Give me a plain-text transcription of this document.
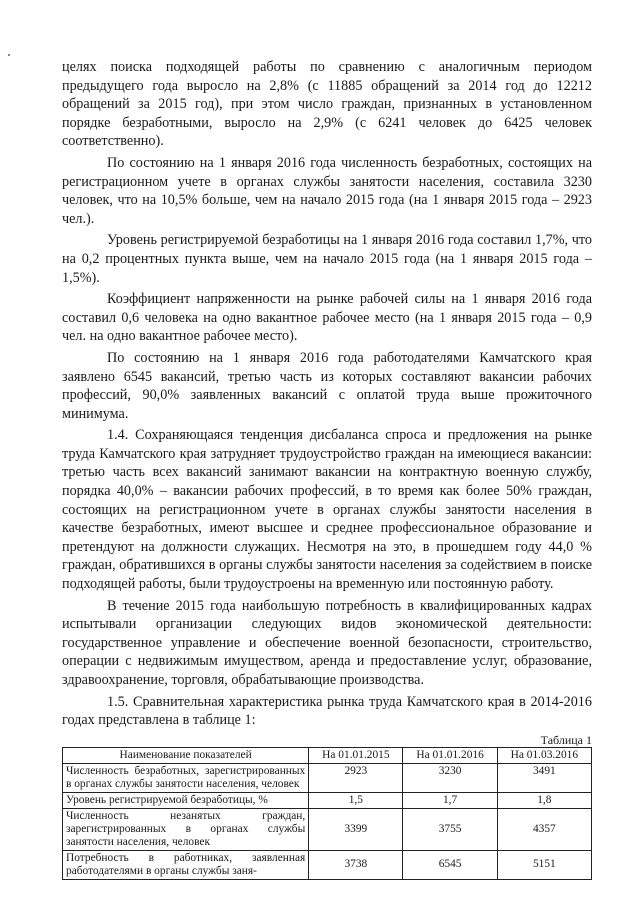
целях поиска подходящей работы по сравнению с аналогичным периодом предыдущего года выросло на 2,8% (с 11885 обращений за 2014 год до 12212 обращений за 2015 год), при этом число граждан, признанных в установленном порядке безработными, выросло на 2,9% (с 6241 человек до 6425 человек соответственно).

По состоянию на 1 января 2016 года численность безработных, состоящих на регистрационном учете в органах службы занятости населения, составила 3230 человек, что на 10,5% больше, чем на начало 2015 года (на 1 января 2015 года – 2923 чел.).

Уровень регистрируемой безработицы на 1 января 2016 года составил 1,7%, что на 0,2 процентных пункта выше, чем на начало 2015 года (на 1 января 2015 года – 1,5%).

Коэффициент напряженности на рынке рабочей силы на 1 января 2016 года составил 0,6 человека на одно вакантное рабочее место (на 1 января 2015 года – 0,9 чел. на одно вакантное рабочее место).

По состоянию на 1 января 2016 года работодателями Камчатского края заявлено 6545 вакансий, третью часть из которых составляют вакансии рабочих профессий, 90,0% заявленных вакансий с оплатой труда выше прожиточного минимума.

1.4. Сохраняющаяся тенденция дисбаланса спроса и предложения на рынке труда Камчатского края затрудняет трудоустройство граждан на имеющиеся вакансии: третью часть всех вакансий занимают вакансии на контрактную военную службу, порядка 40,0% – вакансии рабочих профессий, в то время как более 50% граждан, состоящих на регистрационном учете в органах службы занятости населения в качестве безработных, имеют высшее и среднее профессиональное образование и претендуют на должности служащих. Несмотря на это, в прошедшем году 44,0 % граждан, обратившихся в органы службы занятости населения за содействием в поиске подходящей работы, были трудоустроены на временную или постоянную работу.

В течение 2015 года наибольшую потребность в квалифицированных кадрах испытывали организации следующих видов экономической деятельности: государственное управление и обеспечение военной безопасности, строительство, операции с недвижимым имуществом, аренда и предоставление услуг, образование, здравоохранение, торговля, обрабатывающие производства.

1.5. Сравнительная характеристика рынка труда Камчатского края в 2014-2016 годах представлена в таблице 1:

Таблица 1
Наименование показателей	На 01.01.2015	На 01.01.2016	На 01.03.2016
Численность безработных, зарегистрированных в органах службы занятости населения, человек	2923	3230	3491
Уровень регистрируемой безработицы, %	1,5	1,7	1,8
Численность незанятых граждан, зарегистрированных в органах службы занятости населения, человек	3399	3755	4357
Потребность в работниках, заявленная работодателями в органы службы заня-	3738	6545	5151
